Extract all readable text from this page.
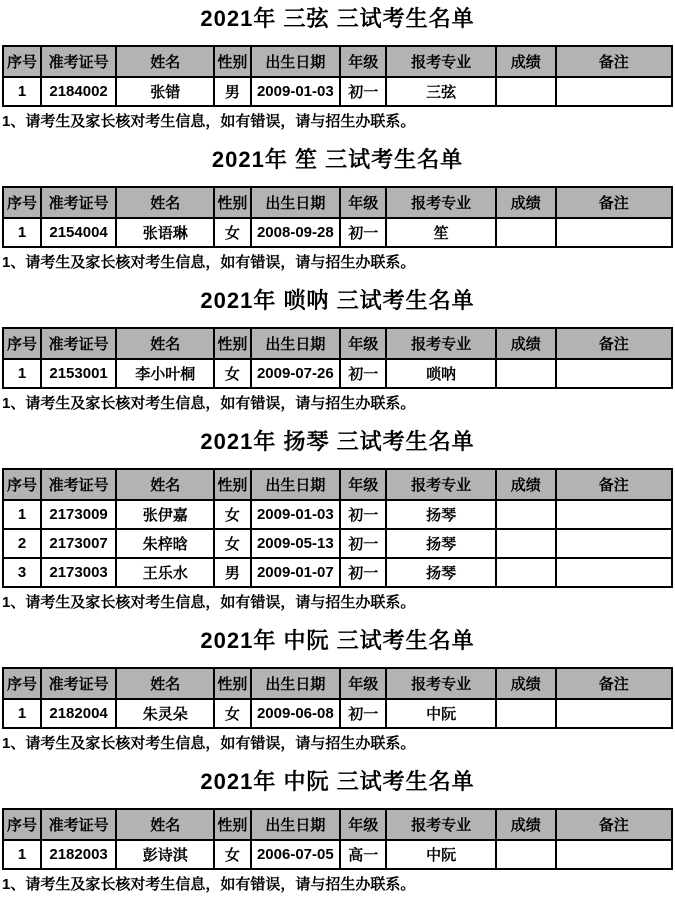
2021年 三弦 三试考生名单
序号	准考证号	姓名	性别	出生日期	年级	报考专业	成绩	备注
1	2184002	张错	男	2009-01-03	初一	三弦		
1、请考生及家长核对考生信息，如有错误，请与招生办联系。
2021年 笙 三试考生名单
序号	准考证号	姓名	性别	出生日期	年级	报考专业	成绩	备注
1	2154004	张语琳	女	2008-09-28	初一	笙		
1、请考生及家长核对考生信息，如有错误，请与招生办联系。
2021年 唢呐 三试考生名单
序号	准考证号	姓名	性别	出生日期	年级	报考专业	成绩	备注
1	2153001	李小叶桐	女	2009-07-26	初一	唢呐		
1、请考生及家长核对考生信息，如有错误，请与招生办联系。
2021年 扬琴 三试考生名单
序号	准考证号	姓名	性别	出生日期	年级	报考专业	成绩	备注
1	2173009	张伊嘉	女	2009-01-03	初一	扬琴		
2	2173007	朱梓晗	女	2009-05-13	初一	扬琴		
3	2173003	王乐水	男	2009-01-07	初一	扬琴		
1、请考生及家长核对考生信息，如有错误，请与招生办联系。
2021年 中阮 三试考生名单
序号	准考证号	姓名	性别	出生日期	年级	报考专业	成绩	备注
1	2182004	朱灵朵	女	2009-06-08	初一	中阮		
1、请考生及家长核对考生信息，如有错误，请与招生办联系。
2021年 中阮 三试考生名单
序号	准考证号	姓名	性别	出生日期	年级	报考专业	成绩	备注
1	2182003	彭诗淇	女	2006-07-05	高一	中阮		
1、请考生及家长核对考生信息，如有错误，请与招生办联系。
